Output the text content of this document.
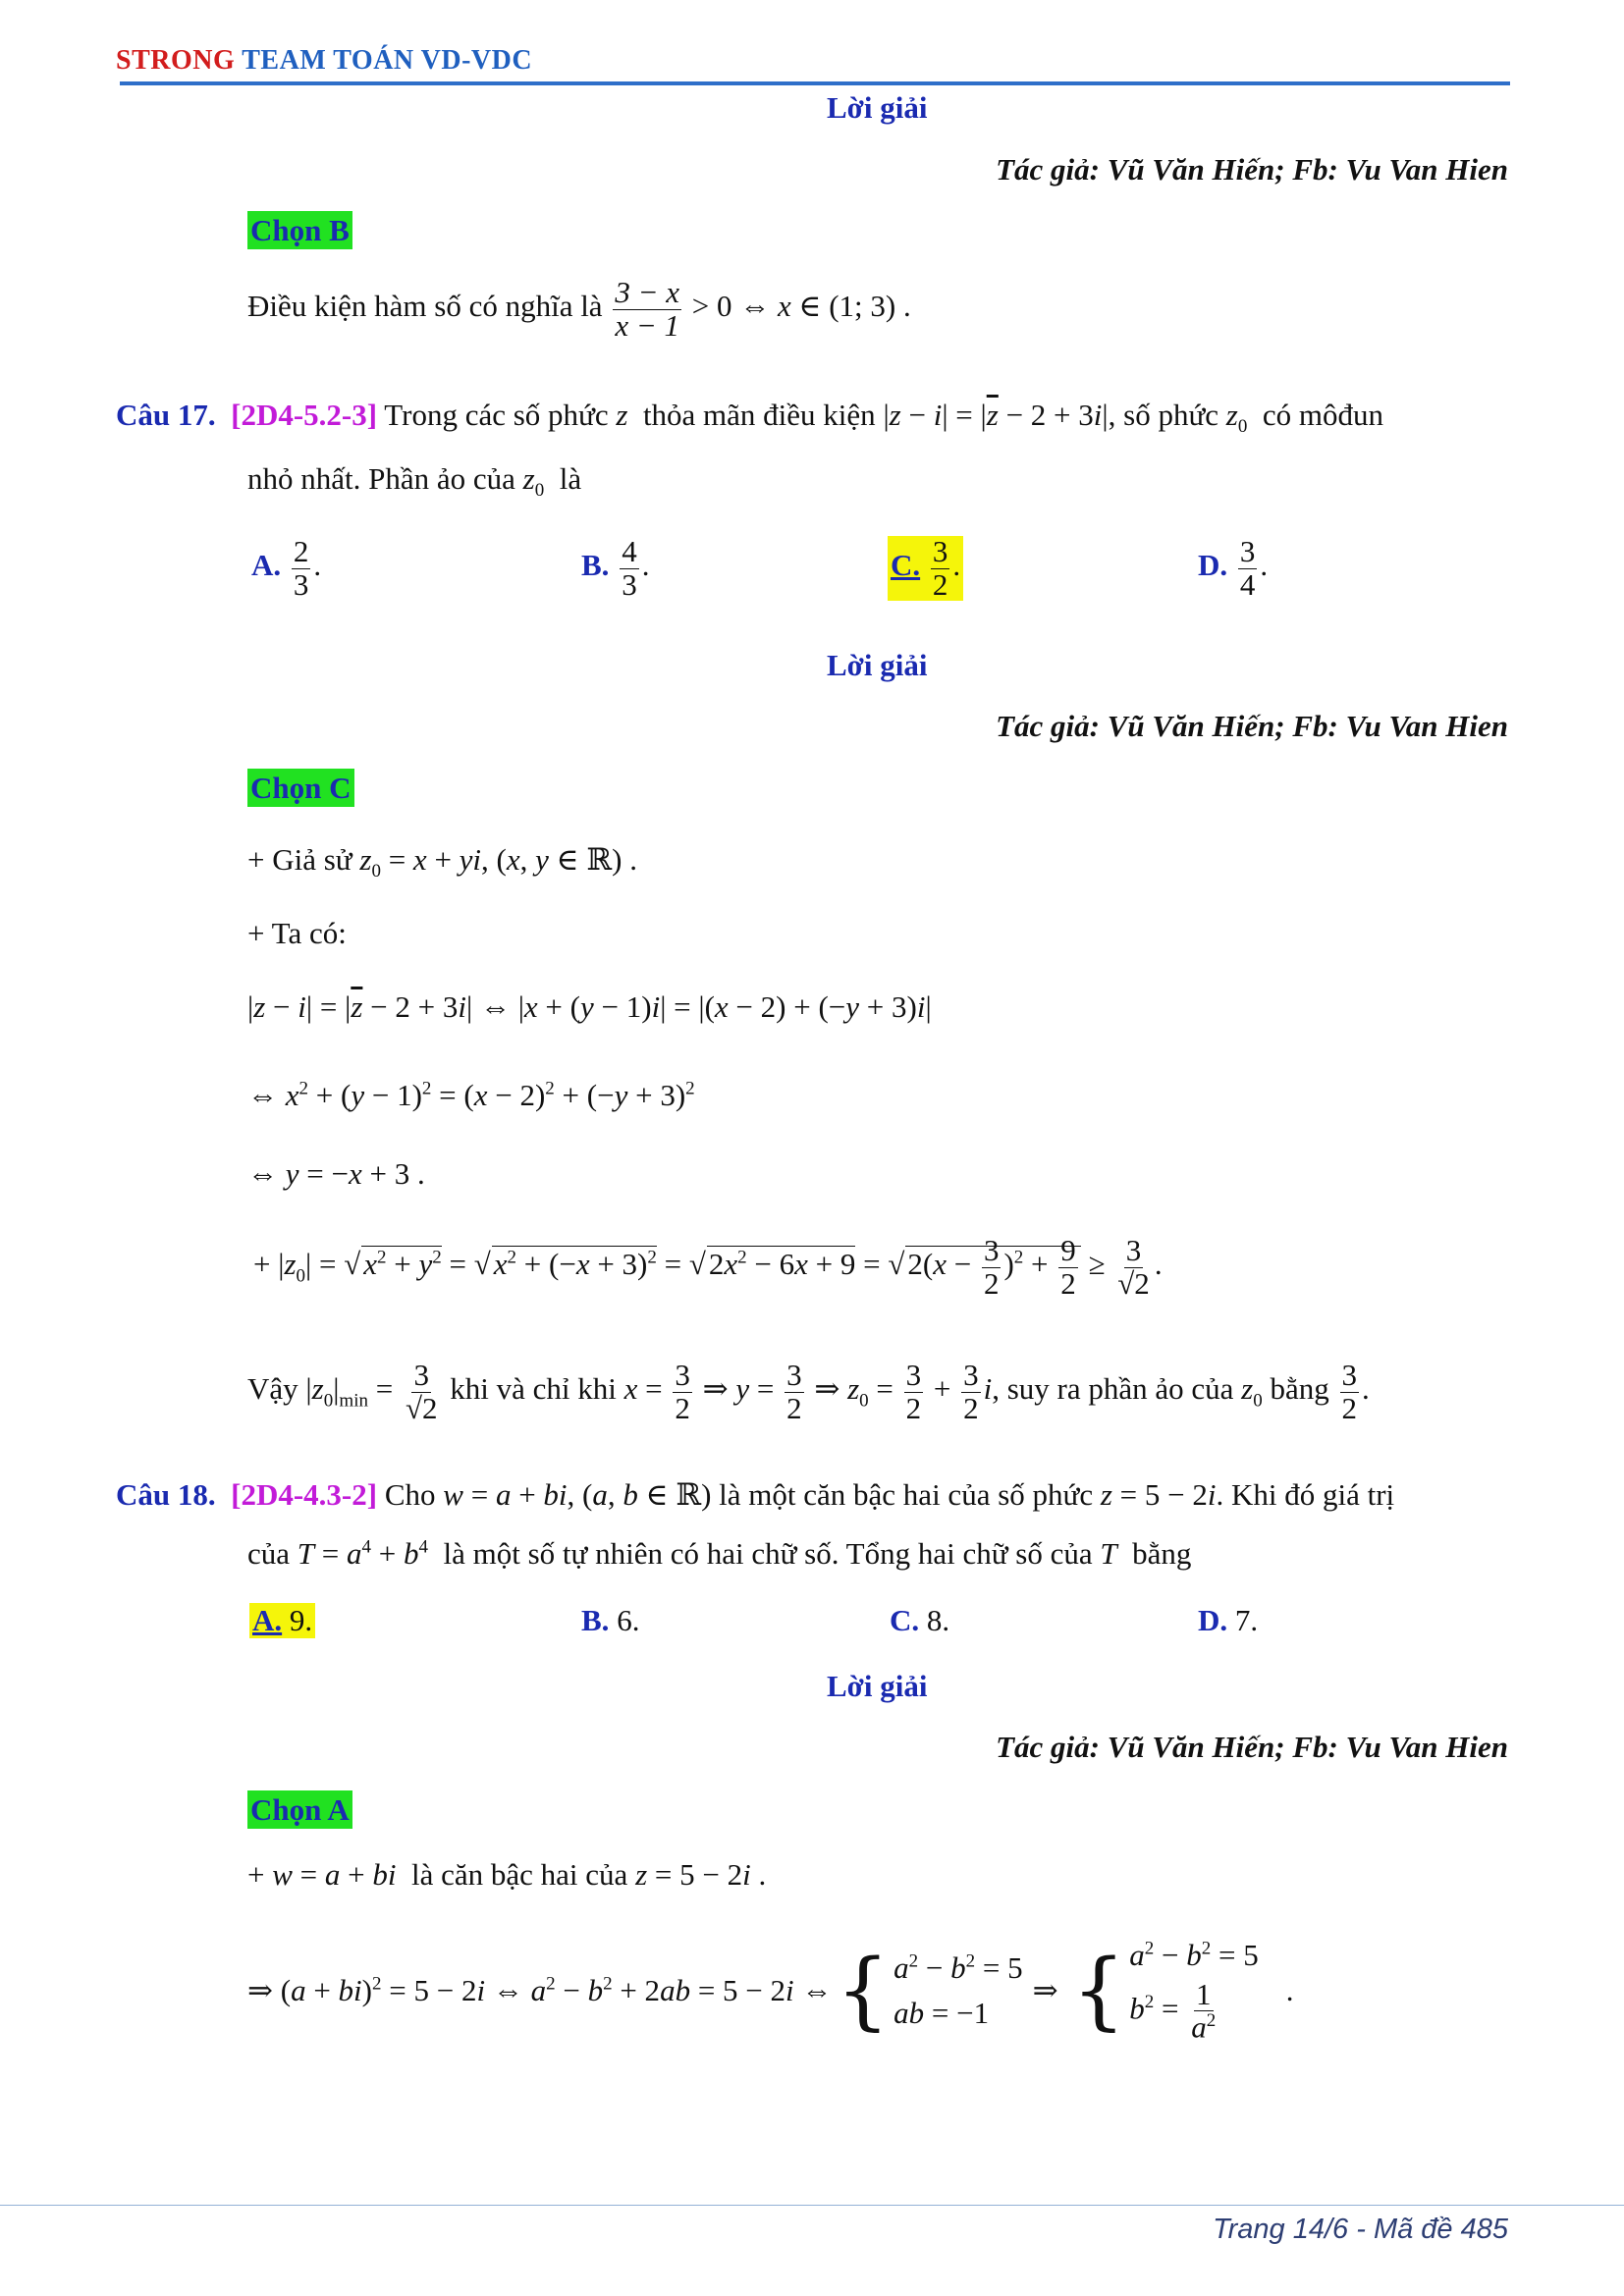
STRONG TEAM TOÁN VD-VDC
Lời giải
Tác giả: Vũ Văn Hiến; Fb: Vu Van Hien
Chọn B
Điều kiện hàm số có nghĩa là $\frac{3 - x}{x - 1} > 0$ ⇔ x ∈ (1; 3) .
Câu 17. [2D4-5.2-3] Trong các số phức z thỏa mãn điều kiện $|z - i| = |\overline{z} - 2 + 3i|$, số phức $z_0$ có môđun
nhỏ nhất. Phần ảo của $z_0$ là
A. $\frac{2}{3}$ .	B. $\frac{4}{3}$ .	C. $\frac{3}{2}$ .	D. $\frac{3}{4}$ .
Lời giải
Tác giả: Vũ Văn Hiến; Fb: Vu Van Hien
Chọn C
+ Giả sử $z_0 = x$ + yi, (x, y ∈ ℝ) .
+ Ta có:
$|z - i| = |\overline{z} - 2 + 3i|$ ⇔ |x + (y − 1)i| = |(x − 2) + (−y + 3)i|
⇔ $x^2 + (y - 1)^2 = (x - 2)^2 + (-y + 3)^2$
⇔ y = −x + 3 .
+ $|z_0| = √x^2 + y^2 = √x^2 + (-x + 3)^2 = √2x^2 - 6x + 9 = √2(x - \frac{3}{2} )^2 + \frac{9}{2} \ge \frac{3}{√2}$ .
Vậy $|z_0|_{min} = \frac{3}{√2}$ khi và chỉ khi $x = \frac{3}{2}$ ⇒ $y = \frac{3}{2}$ ⇒ $z_0 = \frac{3}{2} + \frac{3}{2} i$, suy ra phần ảo của $z_0$ bằng $\frac{3}{2}$ .
Câu 18. [2D4-4.3-2] Cho w = a + bi, (a, b ∈ ℝ) là một căn bậc hai của số phức z = 5 − 2i. Khi đó giá trị
của $T = a^4 + b^4$ là một số tự nhiên có hai chữ số. Tổng hai chữ số của T bằng
A. 9.	B. 6.	C. 8.	D. 7.
Lời giải
Tác giả: Vũ Văn Hiến; Fb: Vu Van Hien
Chọn A
+ w = a + bi là căn bậc hai của z = 5 − 2i .
⇒ (a + bi)$^2$ = 5 − 2i ⇔ $a^2 - b^2 + 2ab = 5 - 2i$ ⇔ { $a^2 - b^2 = 5$
ab = −1
⇒ { $a^2 - b^2 = 5$
$b^2 = \frac{1}{a^2}$ .
Trang 14/6 - Mã đề 485
